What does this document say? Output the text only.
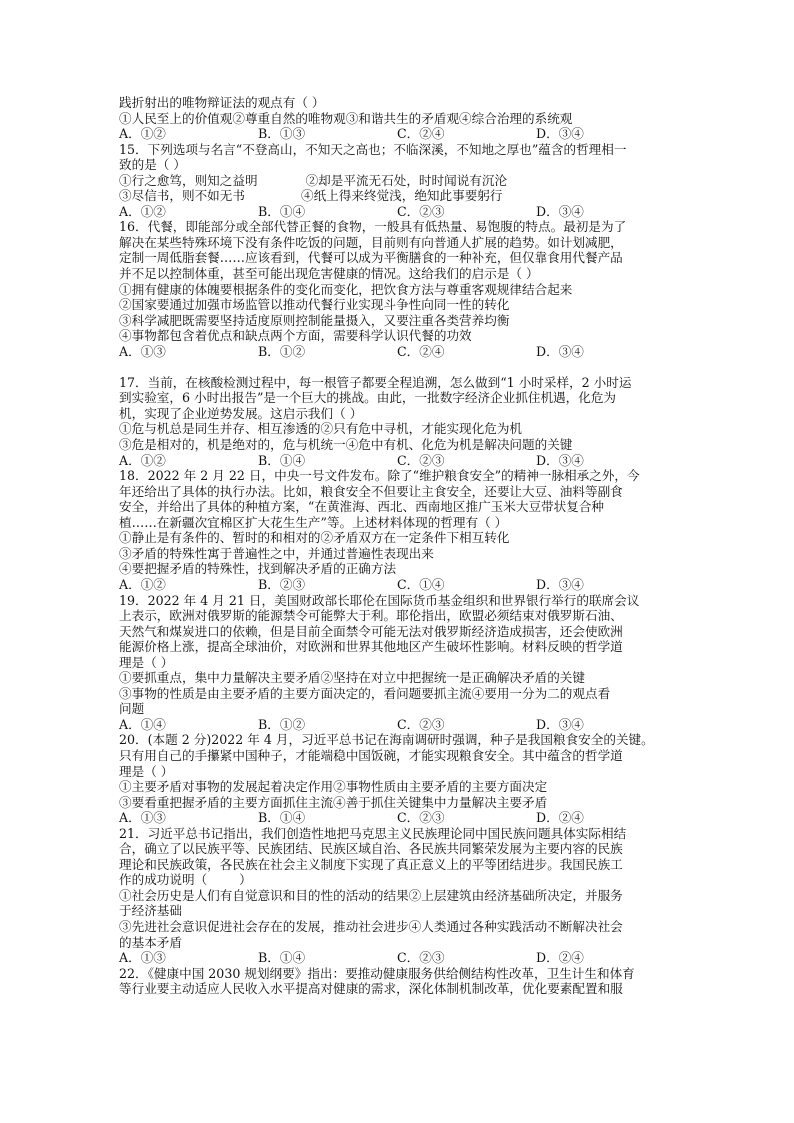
践折射出的唯物辩证法的观点有（ ）
①人民至上的价值观②尊重自然的唯物观③和谐共生的矛盾观④综合治理的系统观
A．①②	B．①③	C．②④	D．③④
15．下列选项与名言“不登高山，不知天之高也；不临深溪，不知地之厚也”蕴含的哲理相一
致的是（ ）
①行之愈笃，则知之益明            ②却是平流无石处，时时闻说有沉沦
③尽信书，则不如无书              ④纸上得来终觉浅，绝知此事要躬行
A．①②	B．①④	C．②③	D．③④
16．代餐，即能部分或全部代替正餐的食物，一般具有低热量、易饱腹的特点。最初是为了
解决在某些特殊环境下没有条件吃饭的问题，目前则有向普通人扩展的趋势。如计划减肥，
定制一周低脂套餐……应该看到，代餐可以成为平衡膳食的一种补充，但仅靠食用代餐产品
并不足以控制体重，甚至可能出现危害健康的情况。这给我们的启示是（ ）
①拥有健康的体魄要根据条件的变化而变化，把饮食方法与尊重客观规律结合起来
②国家要通过加强市场监管以推动代餐行业实现斗争性向同一性的转化
③科学减肥既需要坚持适度原则控制能量摄入，又要注重各类营养均衡
④事物都包含着优点和缺点两个方面，需要科学认识代餐的功效
A．①③	B．①②	C．②④	D．③④
17．当前，在核酸检测过程中，每一根管子都要全程追溯，怎么做到“1 小时采样，2 小时运
到实验室，6 小时出报告”是一个巨大的挑战。由此，一批数字经济企业抓住机遇，化危为
机，实现了企业逆势发展。这启示我们（ ）
①危与机总是同生并存、相互渗透的②只有危中寻机，才能实现化危为机
③危是相对的，机是绝对的，危与机统一④危中有机、化危为机是解决问题的关键
A．①②	B．①④	C．②③	D．③④
18．2022 年 2 月 22 日，中央一号文件发布。除了“维护粮食安全”的精神一脉相承之外，今
年还给出了具体的执行办法。比如，粮食安全不但要让主食安全，还要让大豆、油料等副食
安全，并给出了具体的种植方案，“在黄淮海、西北、西南地区推广玉米大豆带状复合种
植……在新疆次宜棉区扩大花生生产”等。上述材料体现的哲理有（ ）
①静止是有条件的、暂时的和相对的②矛盾双方在一定条件下相互转化
③矛盾的特殊性寓于普遍性之中，并通过普遍性表现出来
④要把握矛盾的特殊性，找到解决矛盾的正确方法
A．①②	B．②③	C．①④	D．③④
19．2022 年 4 月 21 日，美国财政部长耶伦在国际货币基金组织和世界银行举行的联席会议
上表示，欧洲对俄罗斯的能源禁令可能弊大于利。耶伦指出，欧盟必须结束对俄罗斯石油、
天然气和煤炭进口的依赖，但是目前全面禁令可能无法对俄罗斯经济造成损害，还会使欧洲
能源价格上涨，提高全球油价，对欧洲和世界其他地区产生破坏性影响。材料反映的哲学道
理是（ ）
①要抓重点，集中力量解决主要矛盾②坚持在对立中把握统一是正确解决矛盾的关键
③事物的性质是由主要矛盾的主要方面决定的，看问题要抓主流④要用一分为二的观点看
问题
A．①④	B．①②	C．②③	D．③④
20．(本题 2 分)2022 年 4 月，习近平总书记在海南调研时强调，种子是我国粮食安全的关键。
只有用自己的手攥紧中国种子，才能端稳中国饭碗，才能实现粮食安全。其中蕴含的哲学道
理是（ ）
①主要矛盾对事物的发展起着决定作用②事物性质由主要矛盾的主要方面决定
③要看重把握矛盾的主要方面抓住主流④善于抓住关键集中力量解决主要矛盾
A．①③	B．①④	C．②③	D．②④
21．习近平总书记指出，我们创造性地把马克思主义民族理论同中国民族问题具体实际相结
合，确立了以民族平等、民族团结、民族区域自治、各民族共同繁荣发展为主要内容的民族
理论和民族政策，各民族在社会主义制度下实现了真正意义上的平等团结进步。我国民族工
作的成功说明（        ）
①社会历史是人们有自觉意识和目的性的活动的结果②上层建筑由经济基础所决定，并服务
于经济基础
③先进社会意识促进社会存在的发展，推动社会进步④人类通过各种实践活动不断解决社会
的基本矛盾
A．①③	B．①④	C．②③	D．②④
22．《健康中国 2030 规划纲要》指出：要推动健康服务供给侧结构性改革，卫生计生和体育
等行业要主动适应人民收入水平提高对健康的需求，深化体制机制改革，优化要素配置和服
